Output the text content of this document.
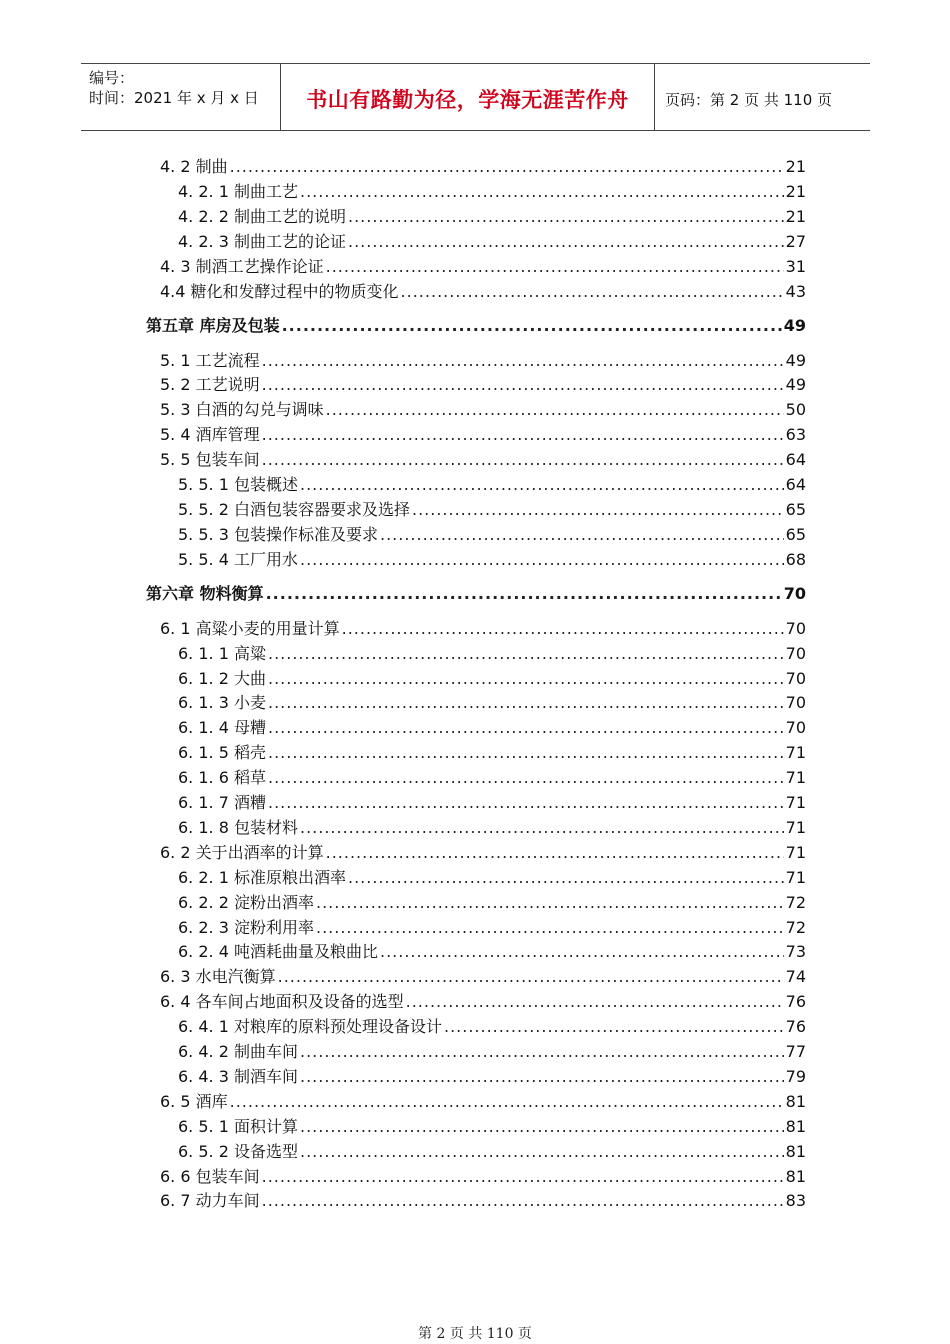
编号：
时间：2021 年 x 月 x 日	书山有路勤为径，学海无涯苦作舟	页码：第 2 页 共 110 页
4. 2 制曲 .....	21
4. 2. 1 制曲工艺 .....	21
4. 2. 2 制曲工艺的说明 .....	21
4. 2. 3 制曲工艺的论证 .....	27
4. 3 制酒工艺操作论证 .....	31
4.4 糖化和发酵过程中的物质变化 .....	43
第五章 库房及包装 .....	49
5. 1 工艺流程 .....	49
5. 2 工艺说明 .....	49
5. 3 白酒的勾兑与调味 .....	50
5. 4 酒库管理 .....	63
5. 5 包装车间 .....	64
5. 5. 1 包装概述 .....	64
5. 5. 2 白酒包装容器要求及选择 .....	65
5. 5. 3 包装操作标准及要求 .....	65
5. 5. 4 工厂用水 .....	68
第六章 物料衡算 .....	70
6. 1 高粱小麦的用量计算 .....	70
6. 1. 1 高粱 .....	70
6. 1. 2 大曲 .....	70
6. 1. 3 小麦 .....	70
6. 1. 4 母糟 .....	70
6. 1. 5 稻壳 .....	71
6. 1. 6 稻草 .....	71
6. 1. 7 酒糟 .....	71
6. 1. 8 包装材料 .....	71
6. 2 关于出酒率的计算 .....	71
6. 2. 1 标准原粮出酒率 .....	71
6. 2. 2 淀粉出酒率 .....	72
6. 2. 3 淀粉利用率 .....	72
6. 2. 4 吨酒耗曲量及粮曲比 .....	73
6. 3 水电汽衡算 .....	74
6. 4 各车间占地面积及设备的选型 .....	76
6. 4. 1 对粮库的原料预处理设备设计 .....	76
6. 4. 2 制曲车间 .....	77
6. 4. 3 制酒车间 .....	79
6. 5 酒库 .....	81
6. 5. 1 面积计算 .....	81
6. 5. 2 设备选型 .....	81
6. 6 包装车间 .....	81
6. 7 动力车间 .....	83
第 2 页 共 110 页
